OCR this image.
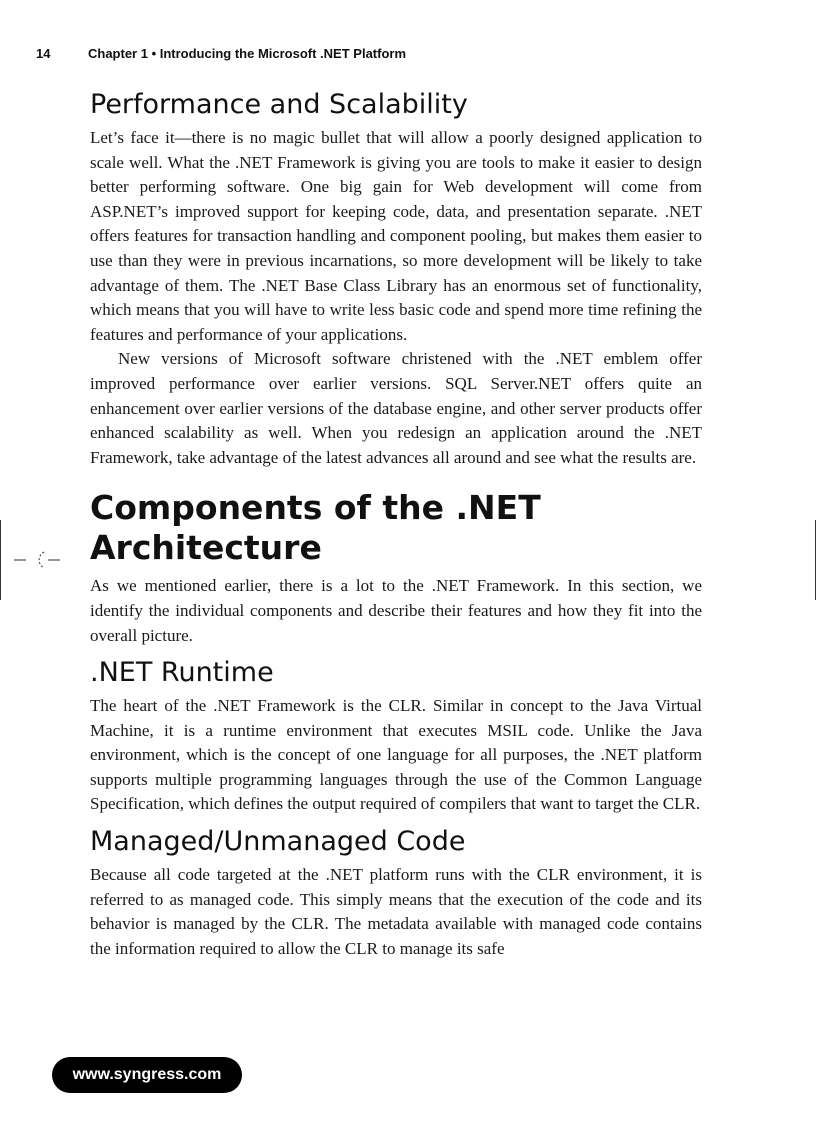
14	Chapter 1 • Introducing the Microsoft .NET Platform
Performance and Scalability

Let’s face it—there is no magic bullet that will allow a poorly designed application to scale well. What the .NET Framework is giving you are tools to make it easier to design better performing software. One big gain for Web development will come from ASP.NET’s improved support for keeping code, data, and presentation separate. .NET offers features for transaction handling and component pooling, but makes them easier to use than they were in previous incarnations, so more development will be likely to take advantage of them. The .NET Base Class Library has an enormous set of functionality, which means that you will have to write less basic code and spend more time refining the features and performance of your applications.

New versions of Microsoft software christened with the .NET emblem offer improved performance over earlier versions. SQL Server.NET offers quite an enhancement over earlier versions of the database engine, and other server products offer enhanced scalability as well. When you redesign an application around the .NET Framework, take advantage of the latest advances all around and see what the results are.

Components of the .NET Architecture

As we mentioned earlier, there is a lot to the .NET Framework. In this section, we identify the individual components and describe their features and how they fit into the overall picture.

.NET Runtime

The heart of the .NET Framework is the CLR. Similar in concept to the Java Virtual Machine, it is a runtime environment that executes MSIL code. Unlike the Java environment, which is the concept of one language for all purposes, the .NET platform supports multiple programming languages through the use of the Common Language Specification, which defines the output required of compilers that want to target the CLR.

Managed/Unmanaged Code

Because all code targeted at the .NET platform runs with the CLR environment, it is referred to as managed code. This simply means that the execution of the code and its behavior is managed by the CLR. The metadata available with managed code contains the information required to allow the CLR to manage its safe

www.syngress.com
